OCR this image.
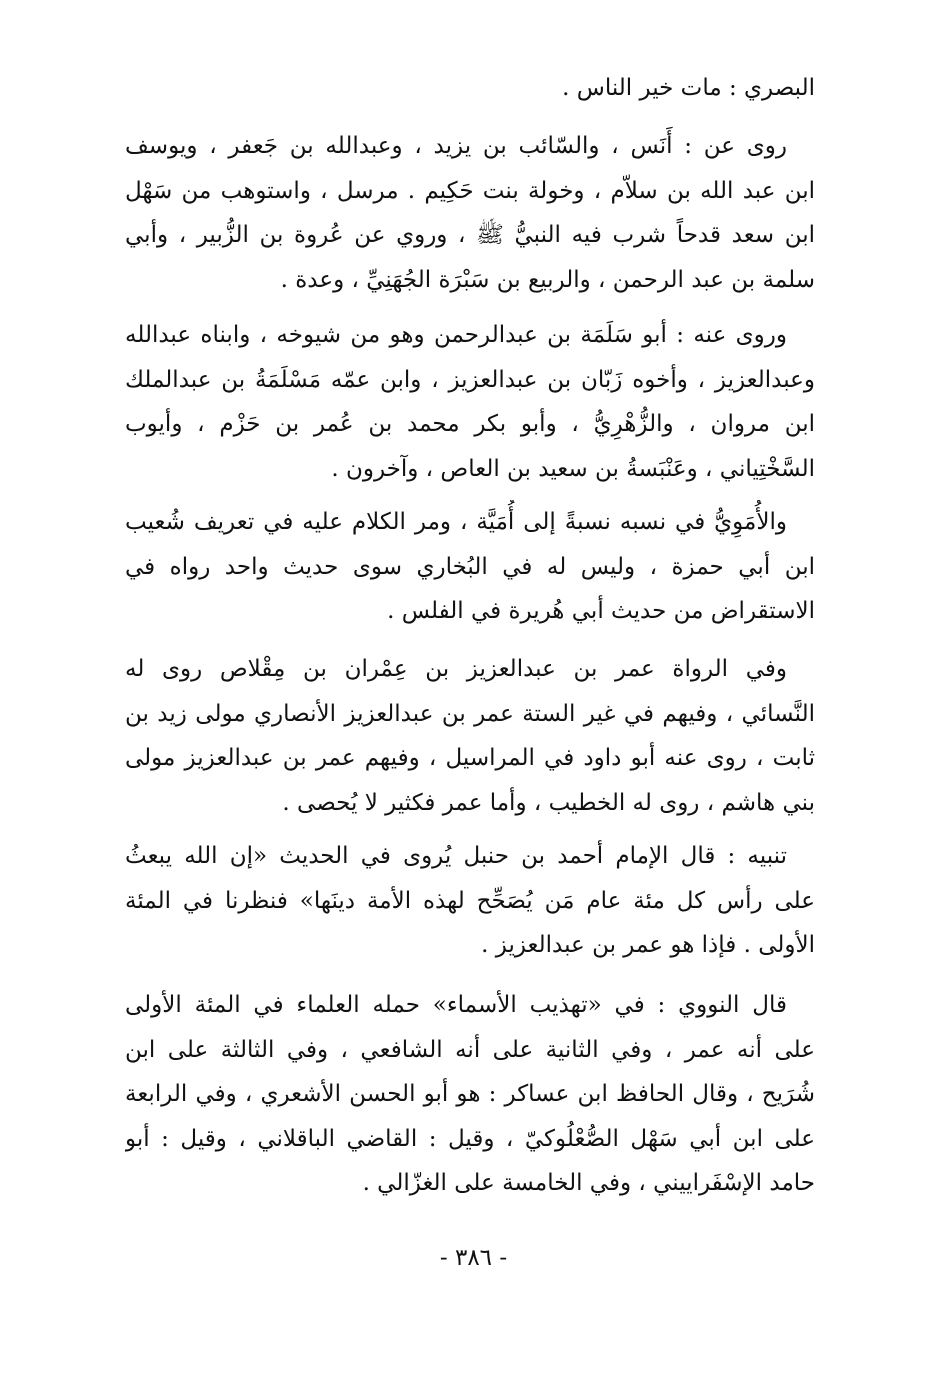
البصري : مات خير الناس .
روى عن : أَنَس ، والسّائب بن يزيد ، وعبدالله بن جَعفر ، ويوسف
ابن عبد الله بن سلاّم ، وخولة بنت حَكِيم . مرسل ، واستوهب من سَهْل
ابن سعد قدحاً شرب فيه النبيُّ ﷺ ، وروي عن عُروة بن الزُّبير ، وأبي
سلمة بن عبد الرحمن ، والربيع بن سَبْرَة الجُهَنِيِّ ، وعدة .
وروى عنه : أبو سَلَمَة بن عبدالرحمن وهو من شيوخه ، وابناه عبدالله
وعبدالعزيز ، وأخوه زَبّان بن عبدالعزيز ، وابن عمّه مَسْلَمَةُ بن عبدالملك
ابن مروان ، والزُّهْرِيُّ ، وأبو بكر محمد بن عُمر بن حَزْم ، وأيوب
السَّخْتِياني ، وعَنْبَسةُ بن سعيد بن العاص ، وآخرون .
والأُمَوِيُّ في نسبه نسبةً إلى أُمَيَّة ، ومر الكلام عليه في تعريف شُعيب
ابن أبي حمزة ، وليس له في البُخاري سوى حديث واحد رواه في
الاستقراض من حديث أبي هُريرة في الفلس .
وفي الرواة عمر بن عبدالعزيز بن عِمْران بن مِقْلاص روى له
النَّسائي ، وفيهم في غير الستة عمر بن عبدالعزيز الأنصاري مولى زيد بن
ثابت ، روى عنه أبو داود في المراسيل ، وفيهم عمر بن عبدالعزيز مولى
بني هاشم ، روى له الخطيب ، وأما عمر فكثير لا يُحصى .
تنبيه : قال الإمام أحمد بن حنبل يُروى في الحديث «إن الله يبعثُ
على رأس كل مئة عام مَن يُصَحِّح لهذه الأمة دينَها» فنظرنا في المئة
الأولى . فإذا هو عمر بن عبدالعزيز .
قال النووي : في «تهذيب الأسماء» حمله العلماء في المئة الأولى
على أنه عمر ، وفي الثانية على أنه الشافعي ، وفي الثالثة على ابن
شُرَيح ، وقال الحافظ ابن عساكر : هو أبو الحسن الأشعري ، وفي الرابعة
على ابن أبي سَهْل الصُّعْلُوكيّ ، وقيل : القاضي الباقلاني ، وقيل : أبو
حامد الإسْفَراييني ، وفي الخامسة على الغزّالي .
- ٣٨٦ -
